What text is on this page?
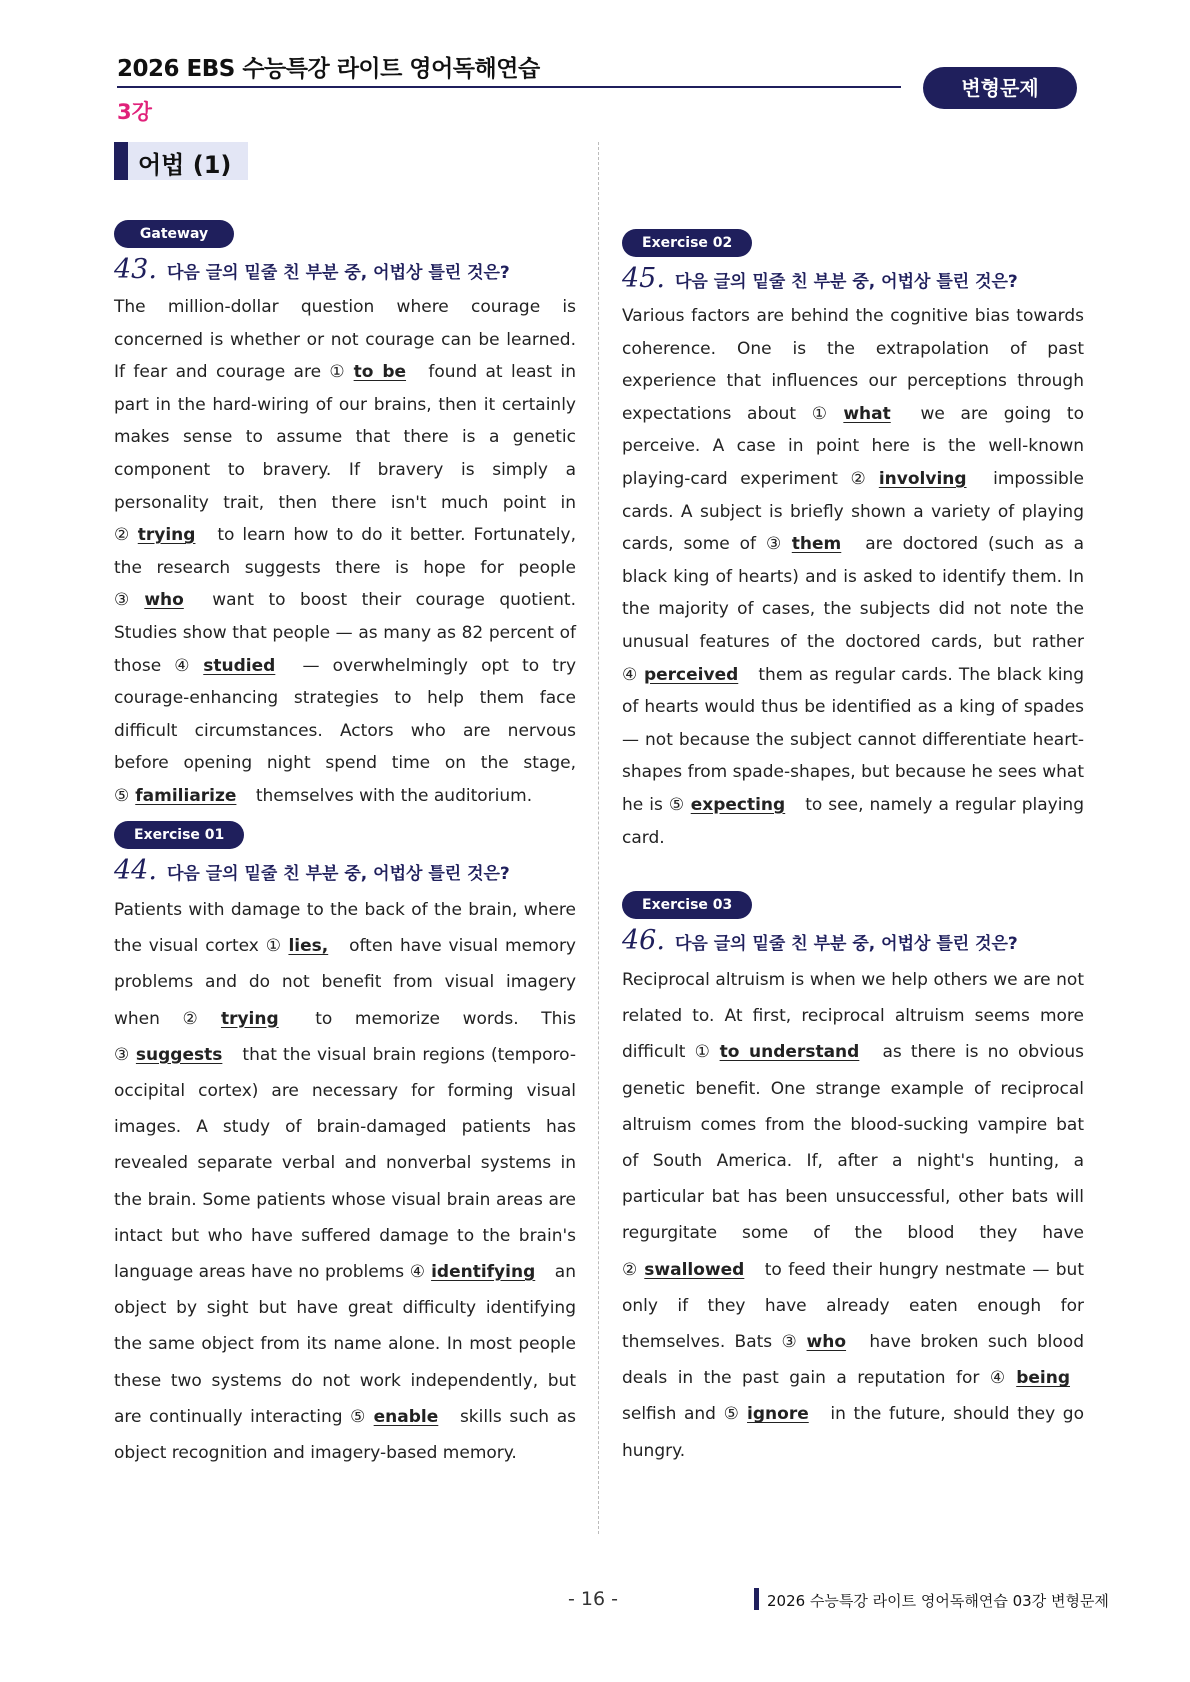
2026 EBS 수능특강 라이트 영어독해연습
3강
변형문제
어법 (1)
Gateway
43. 다음 글의 밑줄 친 부분 중, 어법상 틀린 것은?
The million-dollar question where courage is concerned is whether or not courage can be learned. If fear and courage are ① to be found at least in part in the hard-wiring of our brains, then it certainly makes sense to assume that there is a genetic component to bravery. If bravery is simply a personality trait, then there isn't much point in ② trying to learn how to do it better. Fortunately, the research suggests there is hope for people ③ who want to boost their courage quotient. Studies show that people — as many as 82 percent of those ④ studied — overwhelmingly opt to try courage-enhancing strategies to help them face difficult circumstances. Actors who are nervous before opening night spend time on the stage, ⑤ familiarize themselves with the auditorium.
Exercise 01
44. 다음 글의 밑줄 친 부분 중, 어법상 틀린 것은?
Patients with damage to the back of the brain, where the visual cortex ① lies, often have visual memory problems and do not benefit from visual imagery when ② trying to memorize words. This ③ suggests that the visual brain regions (temporo-occipital cortex) are necessary for forming visual images. A study of brain-damaged patients has revealed separate verbal and nonverbal systems in the brain. Some patients whose visual brain areas are intact but who have suffered damage to the brain's language areas have no problems ④ identifying an object by sight but have great difficulty identifying the same object from its name alone. In most people these two systems do not work independently, but are continually interacting ⑤ enable skills such as object recognition and imagery-based memory.
Exercise 02
45. 다음 글의 밑줄 친 부분 중, 어법상 틀린 것은?
Various factors are behind the cognitive bias towards coherence. One is the extrapolation of past experience that influences our perceptions through expectations about ① what we are going to perceive. A case in point here is the well-known playing-card experiment ② involving impossible cards. A subject is briefly shown a variety of playing cards, some of ③ them are doctored (such as a black king of hearts) and is asked to identify them. In the majority of cases, the subjects did not note the unusual features of the doctored cards, but rather ④ perceived them as regular cards. The black king of hearts would thus be identified as a king of spades — not because the subject cannot differentiate heart-shapes from spade-shapes, but because he sees what he is ⑤ expecting to see, namely a regular playing card.
Exercise 03
46. 다음 글의 밑줄 친 부분 중, 어법상 틀린 것은?
Reciprocal altruism is when we help others we are not related to. At first, reciprocal altruism seems more difficult ① to understand as there is no obvious genetic benefit. One strange example of reciprocal altruism comes from the blood-sucking vampire bat of South America. If, after a night's hunting, a particular bat has been unsuccessful, other bats will regurgitate some of the blood they have ② swallowed to feed their hungry nestmate — but only if they have already eaten enough for themselves. Bats ③ who have broken such blood deals in the past gain a reputation for ④ being selfish and ⑤ ignore in the future, should they go hungry.
- 16 -	2026 수능특강 라이트 영어독해연습 03강 변형문제
